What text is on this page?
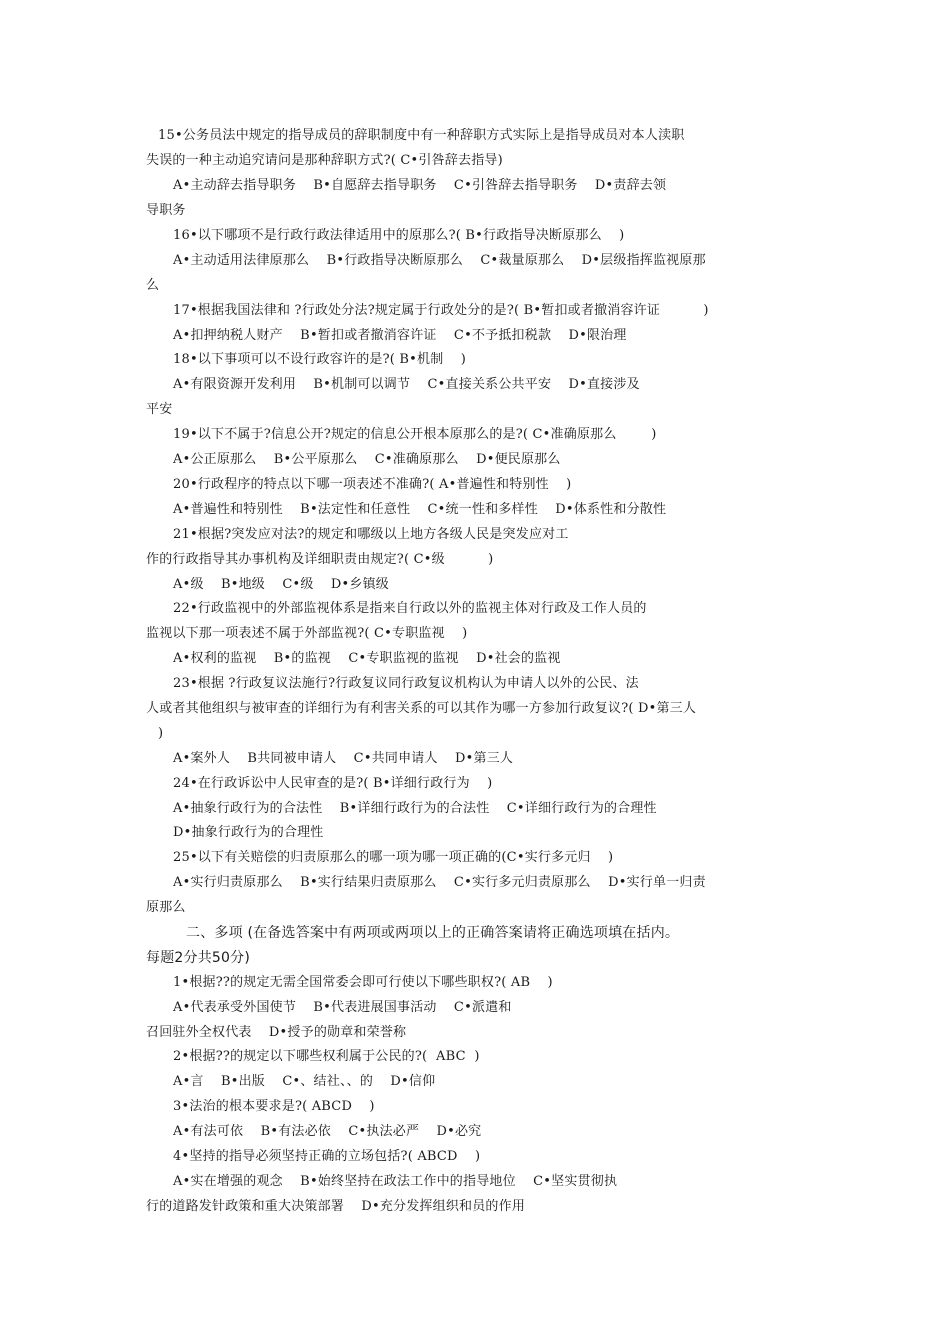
15•公务员法中规定的指导成员的辞职制度中有一种辞职方式实际上是指导成员对本人渎职
失误的一种主动追究请问是那种辞职方式?( C•引咎辞去指导)
A•主动辞去指导职务    B•自愿辞去指导职务    C•引咎辞去指导职务    D•责辞去领
导职务
16•以下哪项不是行政行政法律适用中的原那么?( B•行政指导决断原那么    )
A•主动适用法律原那么    B•行政指导决断原那么    C•裁量原那么    D•层级指挥监视原那
么
17•根据我国法律和 ?行政处分法?规定属于行政处分的是?( B•暂扣或者撤消容许证          )
A•扣押纳税人财产    B•暂扣或者撤消容许证    C•不予抵扣税款    D•限治理
18•以下事项可以不设行政容许的是?( B•机制    )
A•有限资源开发利用    B•机制可以调节    C•直接关系公共平安    D•直接涉及
平安
19•以下不属于?信息公开?规定的信息公开根本原那么的是?( C•准确原那么        )
A•公正原那么    B•公平原那么    C•准确原那么    D•便民原那么
20•行政程序的特点以下哪一项表述不准确?( A•普遍性和特别性    )
A•普遍性和特别性    B•法定性和任意性    C•统一性和多样性    D•体系性和分散性
21•根据?突发应对法?的规定和哪级以上地方各级人民是突发应对工
作的行政指导其办事机构及详细职责由规定?( C•级          )
A•级    B•地级    C•级    D•乡镇级
22•行政监视中的外部监视体系是指来自行政以外的监视主体对行政及工作人员的
监视以下那一项表述不属于外部监视?( C•专职监视    )
A•权利的监视    B•的监视    C•专职监视的监视    D•社会的监视
23•根据 ?行政复议法施行?行政复议同行政复议机构认为申请人以外的公民、法
人或者其他组织与被审查的详细行为有利害关系的可以其作为哪一方参加行政复议?( D•第三人
)
A•案外人    B共同被申请人    C•共同申请人    D•第三人
24•在行政诉讼中人民审查的是?( B•详细行政行为    )
A•抽象行政行为的合法性    B•详细行政行为的合法性    C•详细行政行为的合理性
D•抽象行政行为的合理性
25•以下有关赔偿的归责原那么的哪一项为哪一项正确的(C•实行多元归    )
A•实行归责原那么    B•实行结果归责原那么    C•实行多元归责原那么    D•实行单一归责
原那么
二、多项 (在备选答案中有两项或两项以上的正确答案请将正确选项填在括内。
每题2分共50分)
1•根据??的规定无需全国常委会即可行使以下哪些职权?( AB    )
A•代表承受外国使节    B•代表进展国事活动    C•派遣和
召回驻外全权代表    D•授予的勋章和荣誉称
2•根据??的规定以下哪些权利属于公民的?(  ABC  )
A•言    B•出版    C•、结社、、的    D•信仰
3•法治的根本要求是?( ABCD    )
A•有法可依    B•有法必依    C•执法必严    D•必究
4•坚持的指导必须坚持正确的立场包括?( ABCD    )
A•实在增强的观念    B•始终坚持在政法工作中的指导地位    C•坚实贯彻执
行的道路发针政策和重大决策部署    D•充分发挥组织和员的作用
